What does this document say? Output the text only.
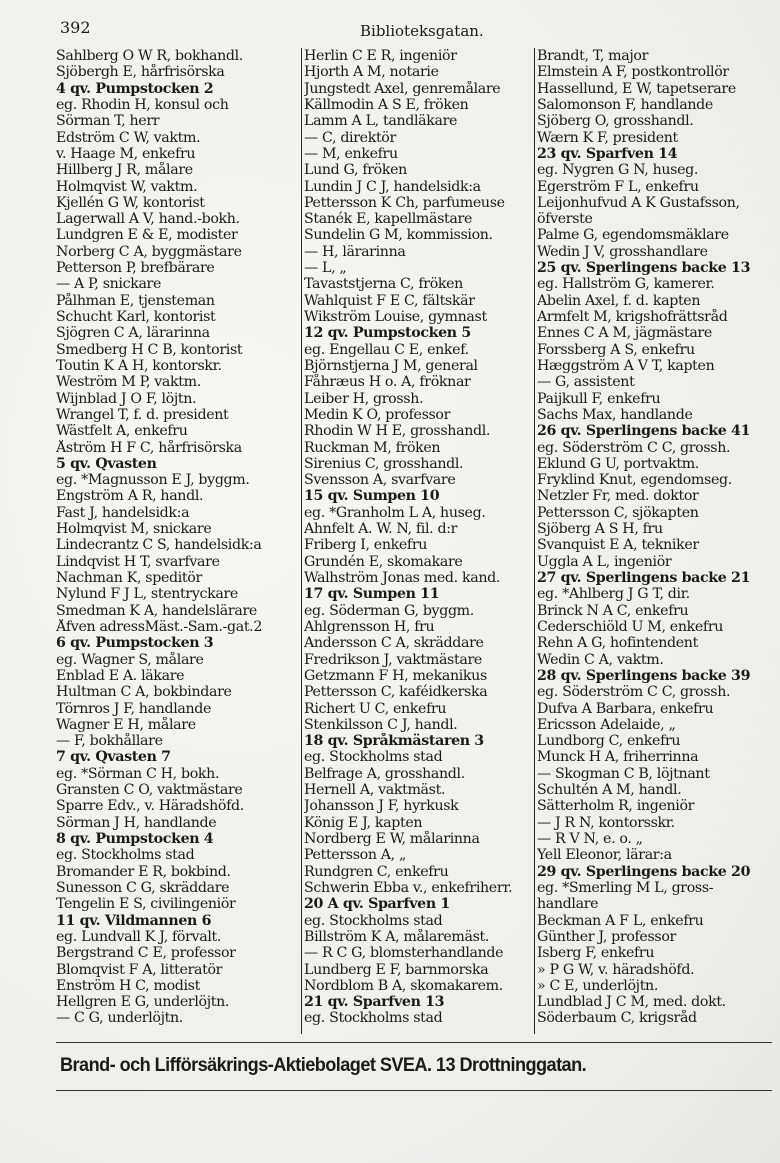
392	Biblioteksgatan.
Sahlberg O W R, bokhandl.
Sjöbergh E, hårfrisörska
4 qv. Pumpstocken 2
eg. Rhodin H, konsul och
Sörman T, herr
Edström C W, vaktm.
v. Haage M, enkefru
Hillberg J R, målare
Holmqvist W, vaktm.
Kjellén G W, kontorist
Lagerwall A V, hand.-bokh.
Lundgren E & E, modister
Norberg C A, byggmästare
Petterson P, brefbärare
— A P, snickare
Pålhman E, tjensteman
Schucht Karl, kontorist
Sjögren C A, lärarinna
Smedberg H C B, kontorist
Toutin K A H, kontorskr.
Weström M P, vaktm.
Wijnblad J O F, löjtn.
Wrangel T, f. d. president
Wästfelt A, enkefru
Åström H F C, hårfrisörska
5 qv. Qvasten
eg. *Magnusson E J, byggm.
Engström A R, handl.
Fast J, handelsidk:a
Holmqvist M, snickare
Lindecrantz C S, handelsidk:a
Lindqvist H T, svarfvare
Nachman K, speditör
Nylund F J L, stentryckare
Smedman K A, handelslärare
Åfven adressMäst.-Sam.-gat.2
6 qv. Pumpstocken 3
eg. Wagner S, målare
Enblad E A. läkare
Hultman C A, bokbindare
Törnros J F, handlande
Wagner E H, målare
— F, bokhållare
7 qv. Qvasten 7
eg. *Sörman C H, bokh.
Gransten C O, vaktmästare
Sparre Edv., v. Häradshöfd.
Sörman J H, handlande
8 qv. Pumpstocken 4
eg. Stockholms stad
Bromander E R, bokbind.
Sunesson C G, skräddare
Tengelin E S, civilingeniör
11 qv. Vildmannen 6
eg. Lundvall K J, förvalt.
Bergstrand C E, professor
Blomqvist F A, litteratör
Enström H C, modist
Hellgren E G, underlöjtn.
— C G, underlöjtn.
Herlin C E R, ingeniör
Hjorth A M, notarie
Jungstedt Axel, genremålare
Källmodin A S E, fröken
Lamm A L, tandläkare
— C, direktör
— M, enkefru
Lund G, fröken
Lundin J C J, handelsidk:a
Pettersson K Ch, parfumeuse
Stanék E, kapellmästare
Sundelin G M, kommission.
— H, lärarinna
— L, „
Tavaststjerna C, fröken
Wahlquist F E C, fältskär
Wikström Louise, gymnast
12 qv. Pumpstocken 5
eg. Engellau C E, enkef.
Björnstjerna J M, general
Fåhræus H o. A, fröknar
Leiber H, grossh.
Medin K O, professor
Rhodin W H E, grosshandl.
Ruckman M, fröken
Sirenius C, grosshandl.
Svensson A, svarfvare
15 qv. Sumpen 10
eg. *Granholm L A, huseg.
Ahnfelt A. W. N, fil. d:r
Friberg I, enkefru
Grundén E, skomakare
Walhström Jonas med. kand.
17 qv. Sumpen 11
eg. Söderman G, byggm.
Ahlgrensson H, fru
Andersson C A, skräddare
Fredrikson J, vaktmästare
Getzmann F H, mekanikus
Pettersson C, kaféidkerska
Richert U C, enkefru
Stenkilsson C J, handl.
18 qv. Språkmästaren 3
eg. Stockholms stad
Belfrage A, grosshandl.
Hernell A, vaktmäst.
Johansson J F, hyrkusk
König E J, kapten
Nordberg E W, målarinna
Pettersson A, „
Rundgren C, enkefru
Schwerin Ebba v., enkefriherr.
20 A qv. Sparfven 1
eg. Stockholms stad
Billström K A, målaremäst.
— R C G, blomsterhandlande
Lundberg E F, barnmorska
Nordblom B A, skomakarem.
21 qv. Sparfven 13
eg. Stockholms stad
Brandt, T, major
Elmstein A F, postkontrollör
Hassellund, E W, tapetserare
Salomonson F, handlande
Sjöberg O, grosshandl.
Wærn K F, president
23 qv. Sparfven 14
eg. Nygren G N, huseg.
Egerström F L, enkefru
Leijonhufvud A K Gustafsson,
öfverste
Palme G, egendomsmäklare
Wedin J V, grosshandlare
25 qv. Sperlingens backe 13
eg. Hallström G, kamerer.
Abelin Axel, f. d. kapten
Armfelt M, krigshofrättsråd
Ennes C A M, jägmästare
Forssberg A S, enkefru
Hæggström A V T, kapten
— G, assistent
Paijkull F, enkefru
Sachs Max, handlande
26 qv. Sperlingens backe 41
eg. Söderström C C, grossh.
Eklund G U, portvaktm.
Fryklind Knut, egendomseg.
Netzler Fr, med. doktor
Pettersson C, sjökapten
Sjöberg A S H, fru
Svanquist E A, tekniker
Uggla A L, ingeniör
27 qv. Sperlingens backe 21
eg. *Ahlberg J G T, dir.
Brinck N A C, enkefru
Cederschiöld U M, enkefru
Rehn A G, hofintendent
Wedin C A, vaktm.
28 qv. Sperlingens backe 39
eg. Söderström C C, grossh.
Dufva A Barbara, enkefru
Ericsson Adelaide, „
Lundborg C, enkefru
Munck H A, friherrinna
— Skogman C B, löjtnant
Schultén A M, handl.
Sätterholm R, ingeniör
— J R N, kontorsskr.
— R V N, e. o. „
Yell Eleonor, lärar:a
29 qv. Sperlingens backe 20
eg. *Smerling M L, gross-
handlare
Beckman A F L, enkefru
Günther J, professor
Isberg F, enkefru
» P G W, v. häradshöfd.
» C E, underlöjtn.
Lundblad J C M, med. dokt.
Söderbaum C, krigsråd
Brand- och Lifförsäkrings-Aktiebolaget SVEA. 13 Drottninggatan.
